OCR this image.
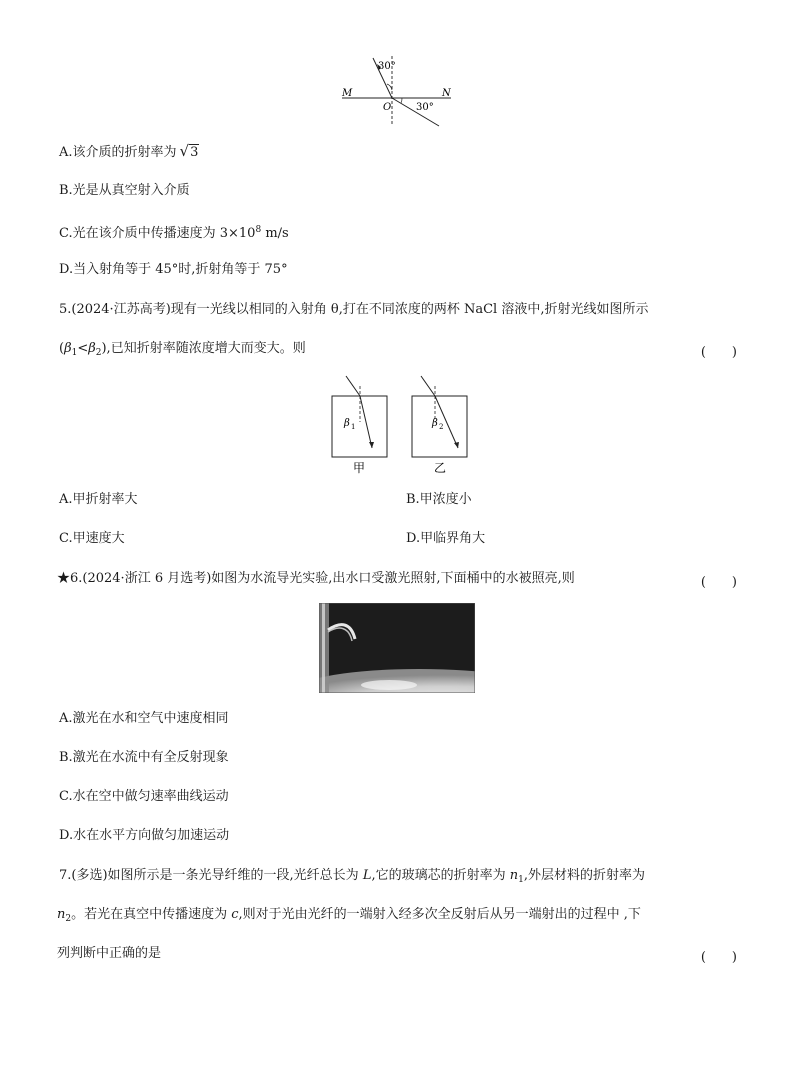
30°
M	N
O 30°
A.该介质的折射率为 √3
B.光是从真空射入介质
C.光在该介质中传播速度为 $3\times 10^8$ m/s
D.当入射角等于 45°时,折射角等于 75°
5.(2024·江苏高考)现有一光线以相同的入射角 θ,打在不同浓度的两杯 NaCl 溶液中,折射光线如图所示
$(\beta_1<\beta_2)$,已知折射率随浓度增大而变大。则	(　　)
β 1	β 2
甲	乙
A.甲折射率大	B.甲浓度小
C.甲速度大	D.甲临界角大
★6.(2024·浙江 6 月选考)如图为水流导光实验,出水口受激光照射,下面桶中的水被照亮,则	(　　)
A.激光在水和空气中速度相同
B.激光在水流中有全反射现象
C.水在空中做匀速率曲线运动
D.水在水平方向做匀加速运动
7.(多选)如图所示是一条光导纤维的一段,光纤总长为 L,它的玻璃芯的折射率为 $n_1$,外层材料的折射率为
$n_2$。若光在真空中传播速度为 c,则对于光由光纤的一端射入经多次全反射后从另一端射出的过程中 ,下
列判断中正确的是	(　　)
